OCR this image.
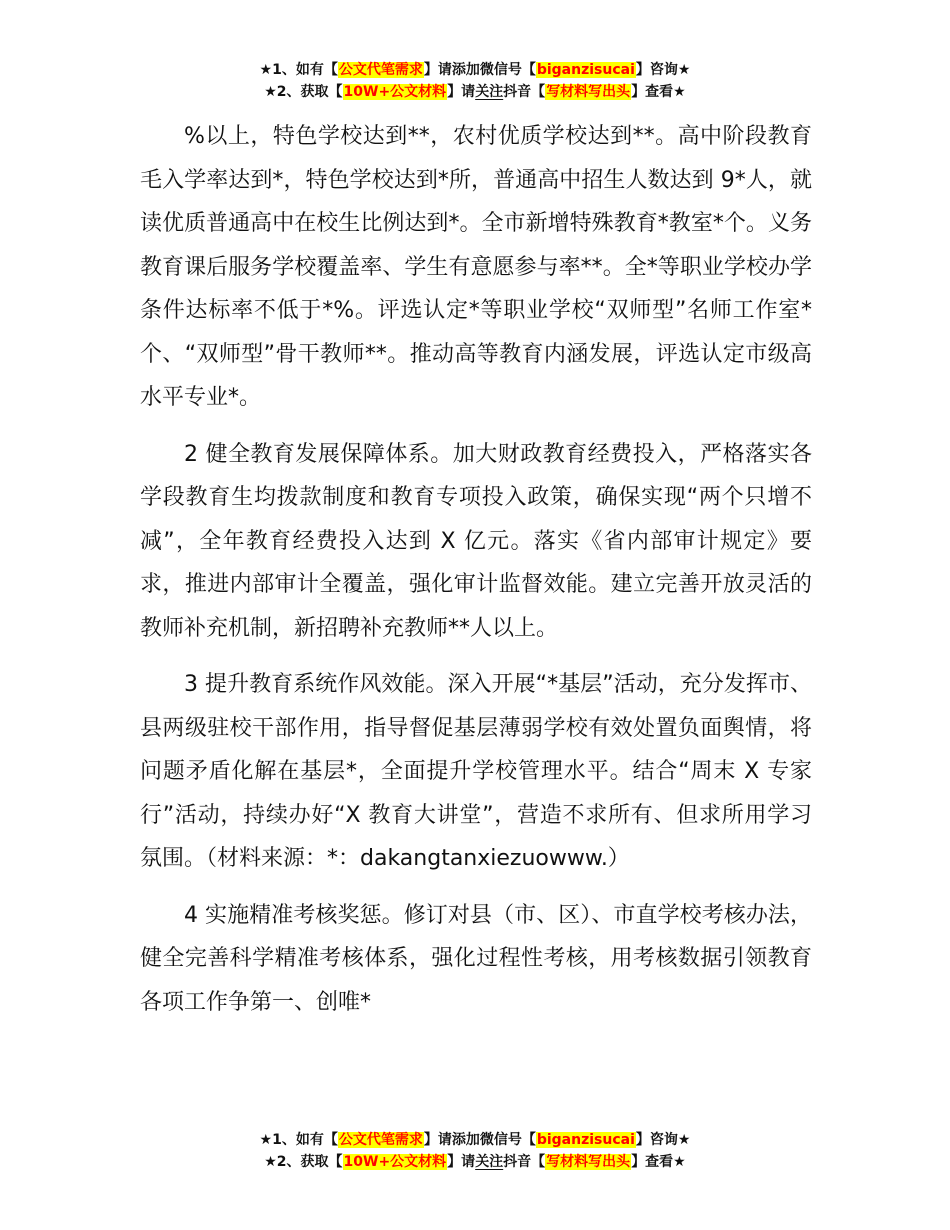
★1、如有【公文代笔需求】请添加微信号【biganzisucai】咨询★
★2、获取【10W+公文材料】请关注抖音【写材料写出头】查看★

%以上，特色学校达到**，农村优质学校达到**。高中阶段教育毛入学率达到*，特色学校达到*所，普通高中招生人数达到 9*人，就读优质普通高中在校生比例达到*。全市新增特殊教育*教室*个。义务教育课后服务学校覆盖率、学生有意愿参与率**。全*等职业学校办学条件达标率不低于*%。评选认定*等职业学校“双师型”名师工作室*个、“双师型”骨干教师**。推动高等教育内涵发展，评选认定市级高水平专业*。

2 健全教育发展保障体系。加大财政教育经费投入，严格落实各学段教育生均拨款制度和教育专项投入政策，确保实现“两个只增不减”，全年教育经费投入达到 X 亿元。落实《省内部审计规定》要求，推进内部审计全覆盖，强化审计监督效能。建立完善开放灵活的教师补充机制，新招聘补充教师**人以上。

3 提升教育系统作风效能。深入开展“*基层”活动，充分发挥市、县两级驻校干部作用，指导督促基层薄弱学校有效处置负面舆情，将问题矛盾化解在基层*，全面提升学校管理水平。结合“周末 X 专家行”活动，持续办好“X 教育大讲堂”，营造不求所有、但求所用学习氛围。（材料来源：*：dakangtanxiezuowww.）

4 实施精准考核奖惩。修订对县（市、区）、市直学校考核办法，健全完善科学精准考核体系，强化过程性考核，用考核数据引领教育各项工作争第一、创唯*

★1、如有【公文代笔需求】请添加微信号【biganzisucai】咨询★
★2、获取【10W+公文材料】请关注抖音【写材料写出头】查看★
